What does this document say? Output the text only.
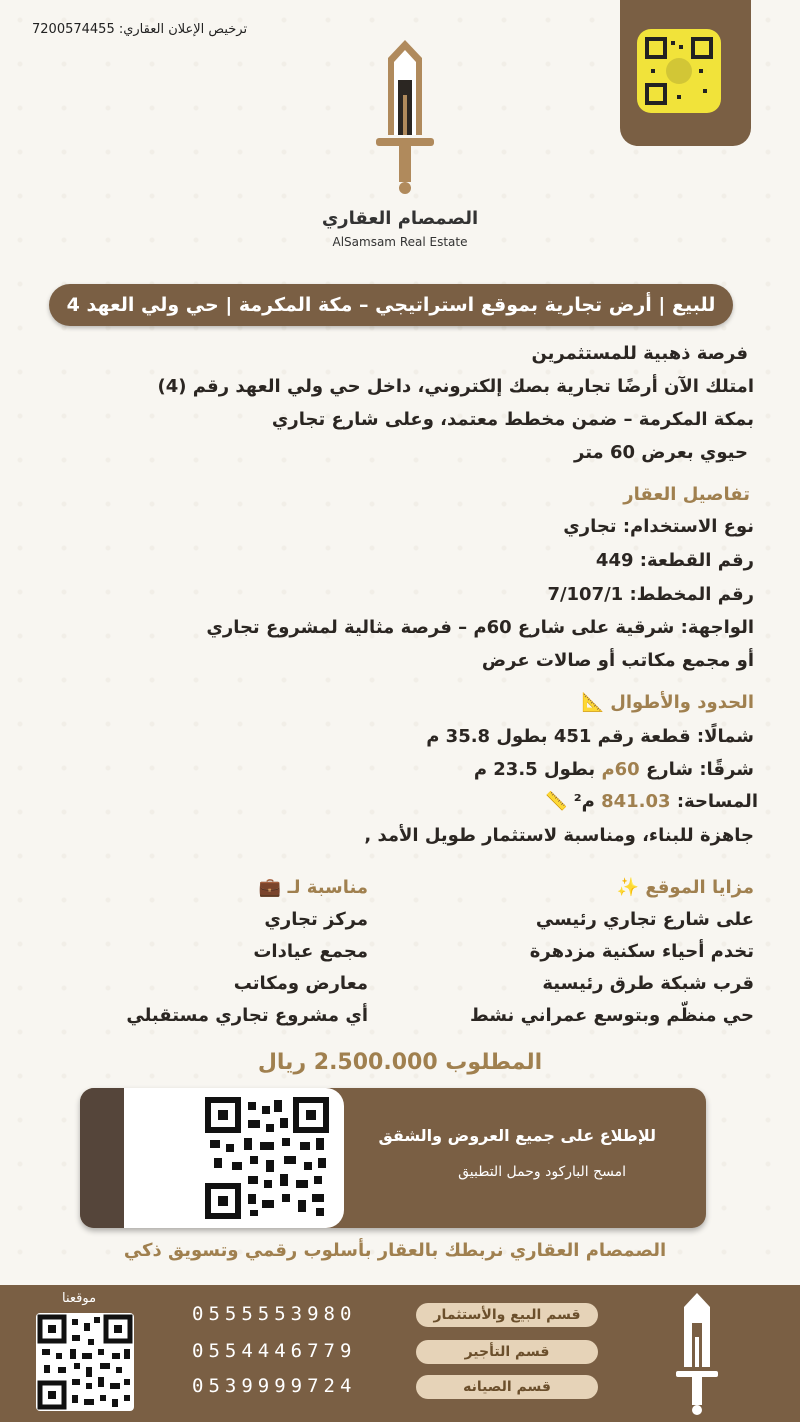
ترخيص الإعلان العقاري: 7200574455
الصمصام العقاري
AlSamsam Real Estate
للبيع | أرض تجارية بموقع استراتيجي – مكة المكرمة | حي ولي العهد 4
فرصة ذهبية للمستثمرين
امتلك الآن أرضًا تجارية بصك إلكتروني، داخل حي ولي العهد رقم (4)
بمكة المكرمة – ضمن مخطط معتمد، وعلى شارع تجاري
حيوي بعرض 60 متر
تفاصيل العقار
نوع الاستخدام: تجاري
رقم القطعة: 449
رقم المخطط: 7/107/1
الواجهة: شرقية على شارع 60م – فرصة مثالية لمشروع تجاري
أو مجمع مكاتب أو صالات عرض
الحدود والأطوال 📐
شمالًا: قطعة رقم 451 بطول 35.8 م
شرقًا: شارع 60م بطول 23.5 م
المساحة: 841.03 م² 📏
جاهزة للبناء، ومناسبة لاستثمار طويل الأمد ,
مزايا الموقع ✨
على شارع تجاري رئيسي
تخدم أحياء سكنية مزدهرة
قرب شبكة طرق رئيسية
حي منظّم وبتوسع عمراني نشط
مناسبة لـ 💼
مركز تجاري
مجمع عيادات
معارض ومكاتب
أي مشروع تجاري مستقبلي
المطلوب 2.500.000 ريال
للإطلاع على جميع العروض والشقق
امسح الباركود وحمل التطبيق
الصمصام العقاري نربطك بالعقار بأسلوب رقمي وتسويق ذكي
موقعنا
0555553980	قسم البيع والأستثمار
0554446779	قسم التأجير
0539999724	قسم الصيانه
